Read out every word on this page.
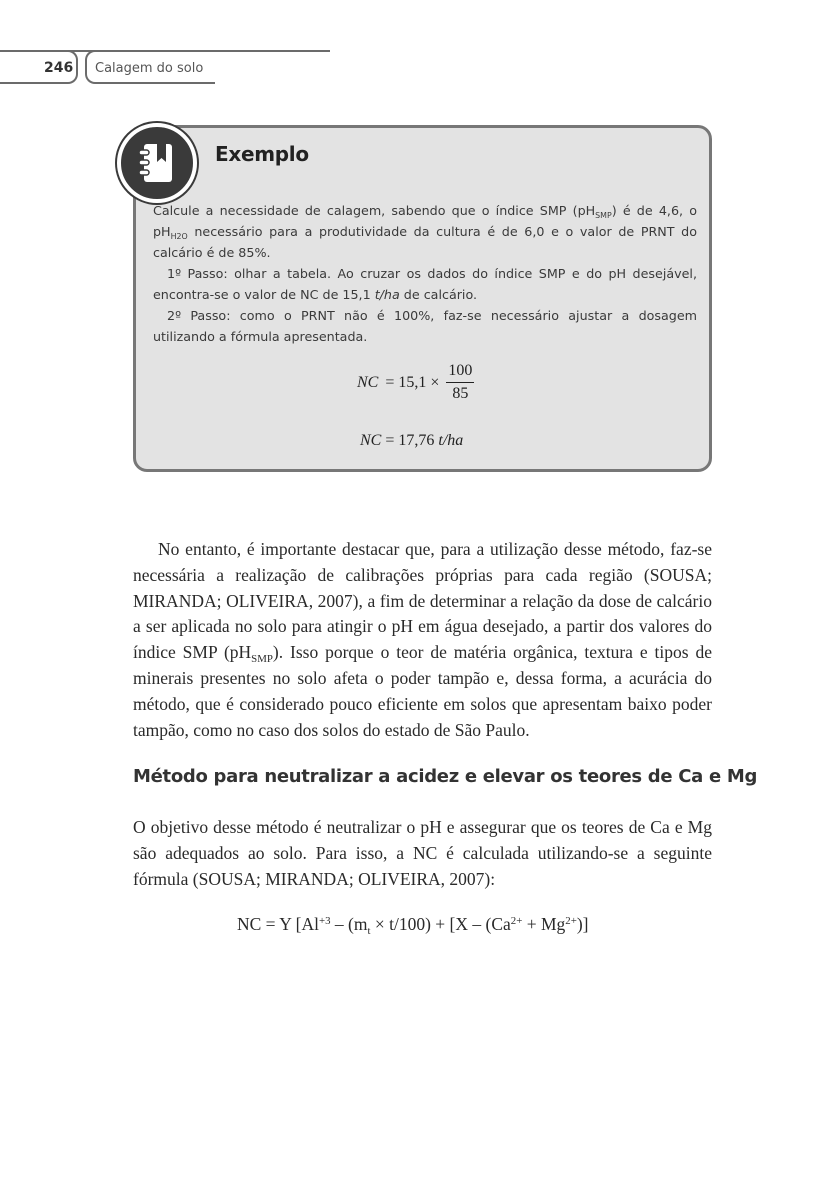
246 Calagem do solo
Exemplo

Calcule a necessidade de calagem, sabendo que o índice SMP $(pH_{SMP})$ é de 4,6, o $pH_{H2O}$ necessário para a produtividade da cultura é de 6,0 e o valor de PRNT do calcário é de 85%.

1º Passo: olhar a tabela. Ao cruzar os dados do índice SMP e do pH desejável, encontra-se o valor de NC de 15,1 t/ha de calcário.

2º Passo: como o PRNT não é 100%, faz-se necessário ajustar a dosagem utilizando a fórmula apresentada.

NC = $15,1 \times \frac{100}{85}$
NC = 17,76 t/ha

No entanto, é importante destacar que, para a utilização desse método, faz-se necessária a realização de calibrações próprias para cada região (SOUSA; MIRANDA; OLIVEIRA, 2007), a fim de determinar a relação da dose de calcário a ser aplicada no solo para atingir o pH em água desejado, a partir dos valores do índice SMP $(pH_{SMP})$. Isso porque o teor de matéria orgânica, textura e tipos de minerais presentes no solo afeta o poder tampão e, dessa forma, a acurácia do método, que é considerado pouco eficiente em solos que apresentam baixo poder tampão, como no caso dos solos do estado de São Paulo.

Método para neutralizar a acidez e elevar os teores de Ca e Mg

O objetivo desse método é neutralizar o pH e assegurar que os teores de Ca e Mg são adequados ao solo. Para isso, a NC é calculada utilizando-se a seguinte fórmula (SOUSA; MIRANDA; OLIVEIRA, 2007):

NC = Y [$Al^{+3} - (m_t \times t/100) + [X - (Ca^{2+} + Mg^{2+})]$
